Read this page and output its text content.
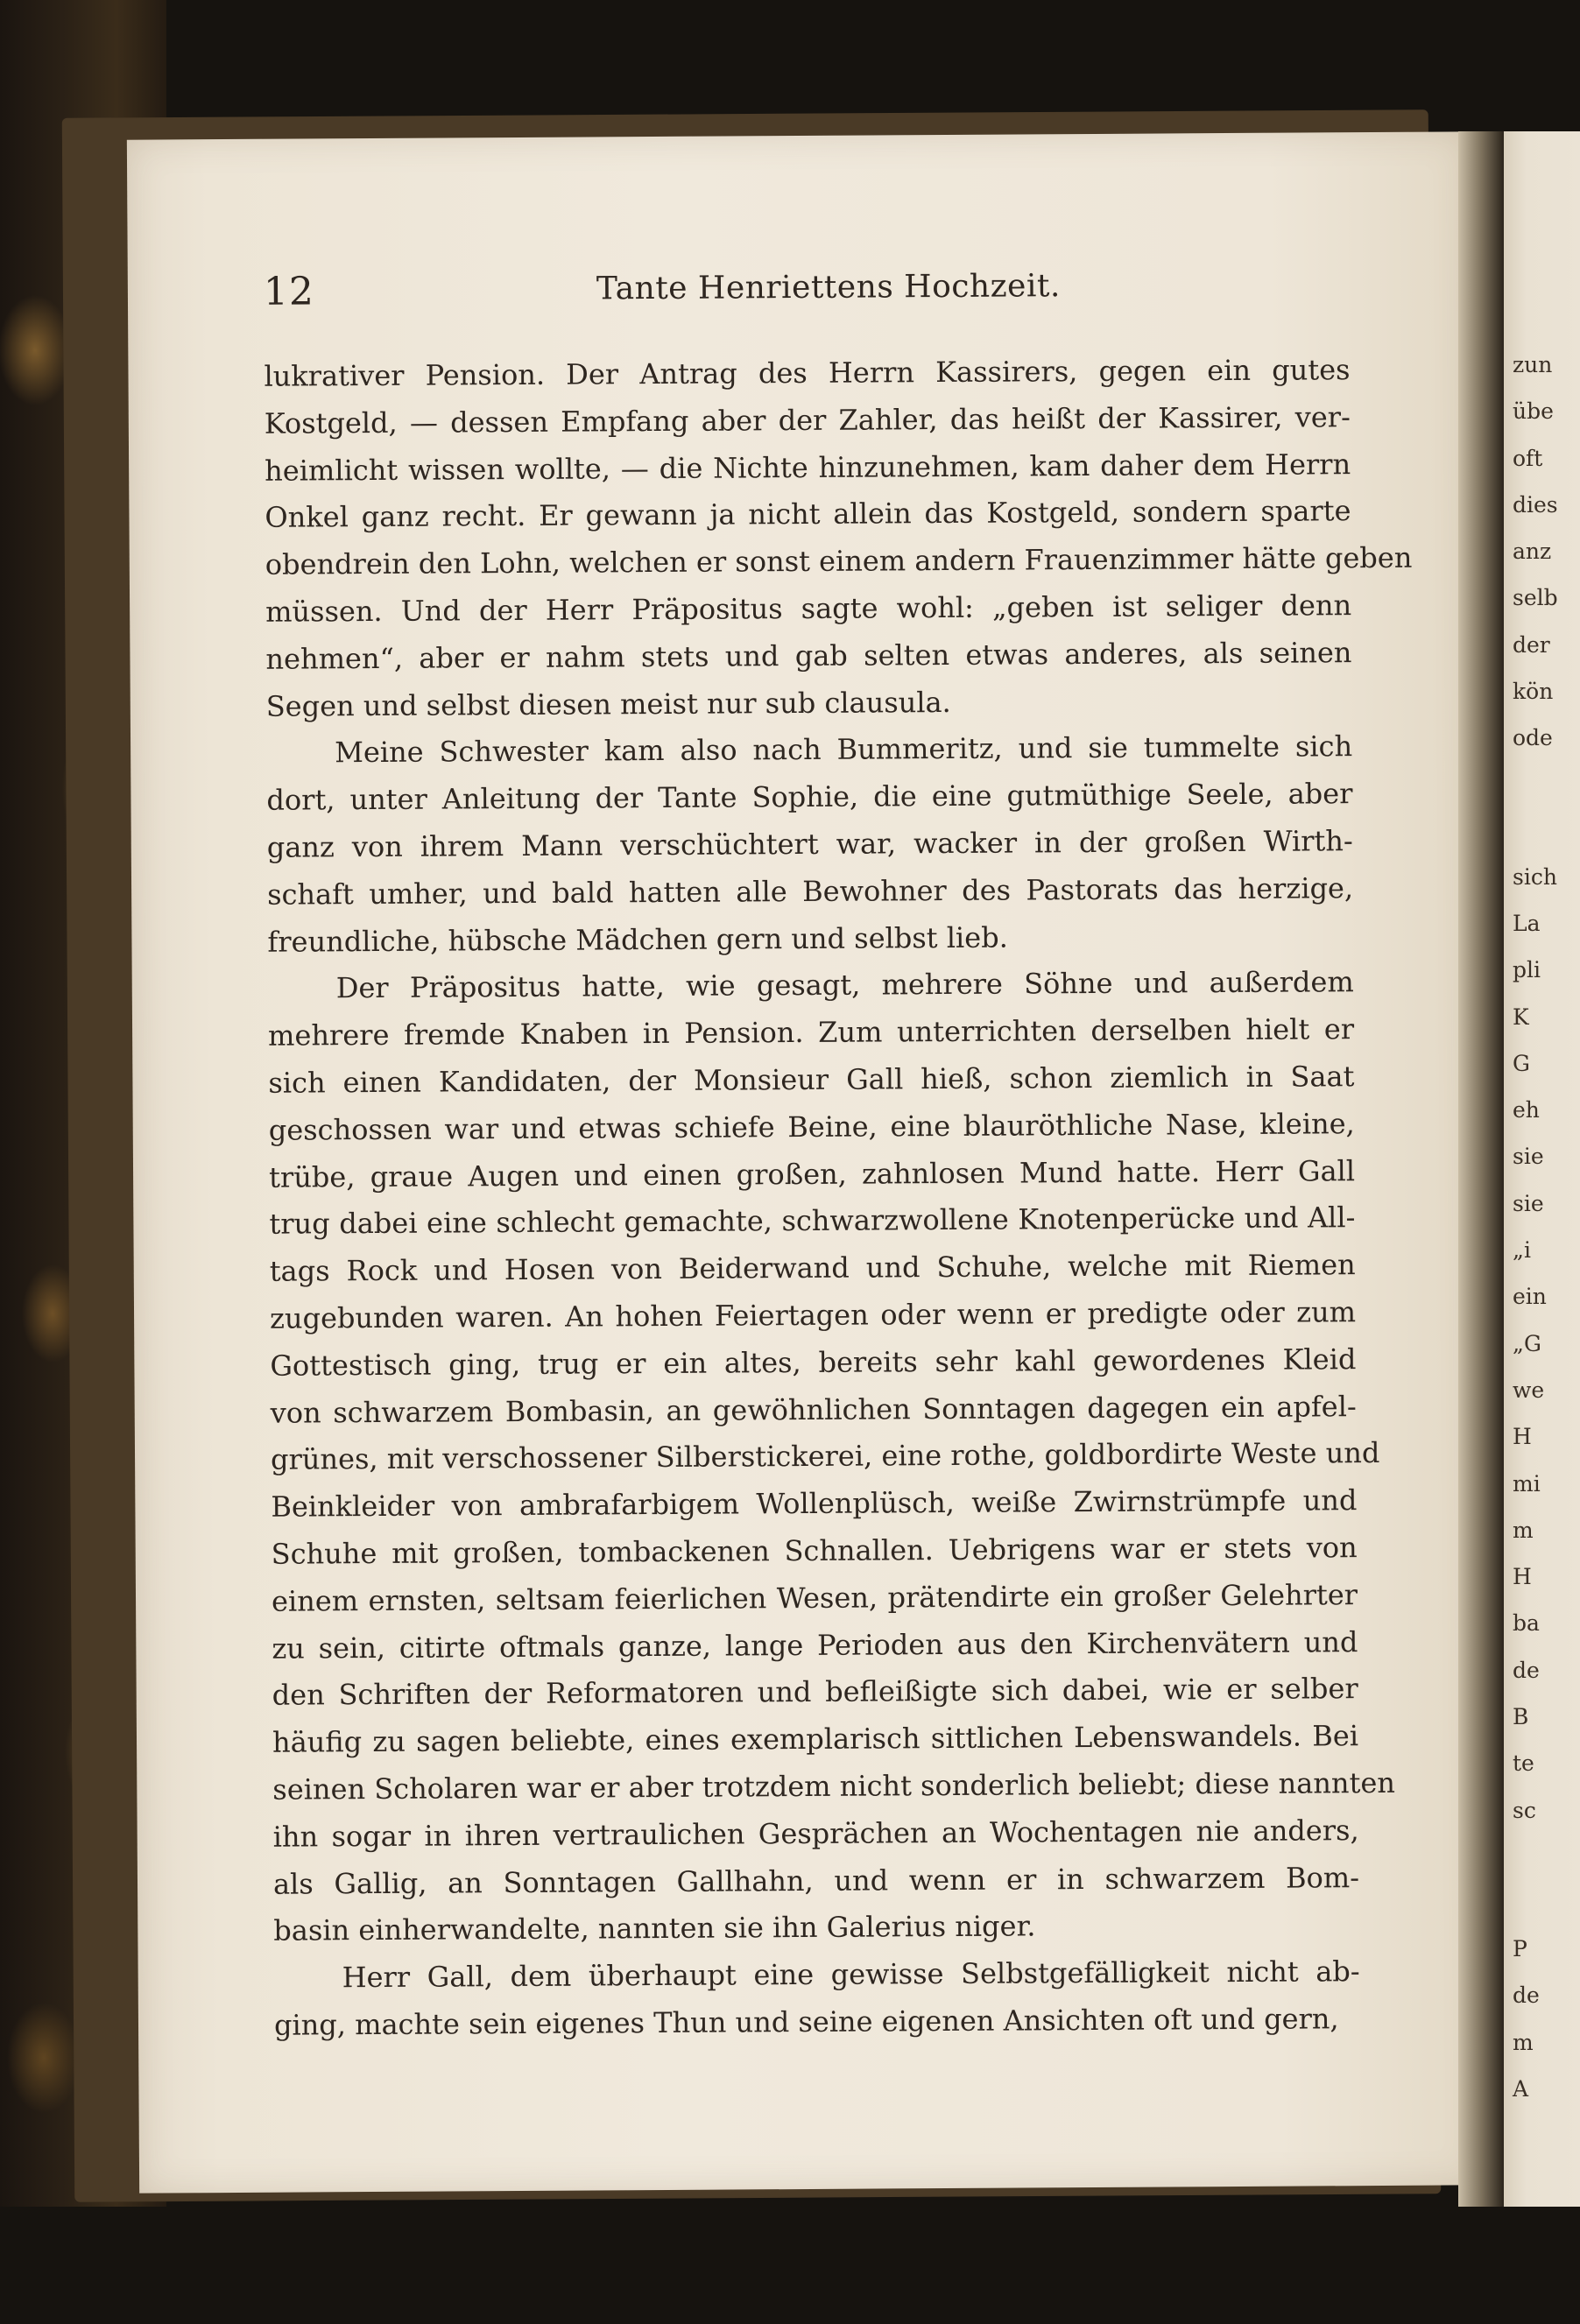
12	Tante Henriettens Hochzeit.
lukrativer Pension. Der Antrag des Herrn Kassirers, gegen ein gutes
Kostgeld, — dessen Empfang aber der Zahler, das heißt der Kassirer, ver-
heimlicht wissen wollte, — die Nichte hinzunehmen, kam daher dem Herrn
Onkel ganz recht. Er gewann ja nicht allein das Kostgeld, sondern sparte
obendrein den Lohn, welchen er sonst einem andern Frauenzimmer hätte geben
müssen. Und der Herr Präpositus sagte wohl: „geben ist seliger denn
nehmen“, aber er nahm stets und gab selten etwas anderes, als seinen
Segen und selbst diesen meist nur sub clausula.
Meine Schwester kam also nach Bummeritz, und sie tummelte sich
dort, unter Anleitung der Tante Sophie, die eine gutmüthige Seele, aber
ganz von ihrem Mann verschüchtert war, wacker in der großen Wirth-
schaft umher, und bald hatten alle Bewohner des Pastorats das herzige,
freundliche, hübsche Mädchen gern und selbst lieb.
Der Präpositus hatte, wie gesagt, mehrere Söhne und außerdem
mehrere fremde Knaben in Pension. Zum unterrichten derselben hielt er
sich einen Kandidaten, der Monsieur Gall hieß, schon ziemlich in Saat
geschossen war und etwas schiefe Beine, eine blauröthliche Nase, kleine,
trübe, graue Augen und einen großen, zahnlosen Mund hatte. Herr Gall
trug dabei eine schlecht gemachte, schwarzwollene Knotenperücke und All-
tags Rock und Hosen von Beiderwand und Schuhe, welche mit Riemen
zugebunden waren. An hohen Feiertagen oder wenn er predigte oder zum
Gottestisch ging, trug er ein altes, bereits sehr kahl gewordenes Kleid
von schwarzem Bombasin, an gewöhnlichen Sonntagen dagegen ein apfel-
grünes, mit verschossener Silberstickerei, eine rothe, goldbordirte Weste und
Beinkleider von ambrafarbigem Wollenplüsch, weiße Zwirnstrümpfe und
Schuhe mit großen, tombackenen Schnallen. Uebrigens war er stets von
einem ernsten, seltsam feierlichen Wesen, prätendirte ein großer Gelehrter
zu sein, citirte oftmals ganze, lange Perioden aus den Kirchenvätern und
den Schriften der Reformatoren und befleißigte sich dabei, wie er selber
häufig zu sagen beliebte, eines exemplarisch sittlichen Lebenswandels. Bei
seinen Scholaren war er aber trotzdem nicht sonderlich beliebt; diese nannten
ihn sogar in ihren vertraulichen Gesprächen an Wochentagen nie anders,
als Gallig, an Sonntagen Gallhahn, und wenn er in schwarzem Bom-
basin einherwandelte, nannten sie ihn Galerius niger.
Herr Gall, dem überhaupt eine gewisse Selbstgefälligkeit nicht ab-
ging, machte sein eigenes Thun und seine eigenen Ansichten oft und gern,
zun
übe
oft
dies
anz
selb
der
kön
ode
sich
La
pli
K
G
eh
sie
sie
„i
ein
„G
we
H
mi
m
H
ba
de
B
te
sc
P
de
m
A
